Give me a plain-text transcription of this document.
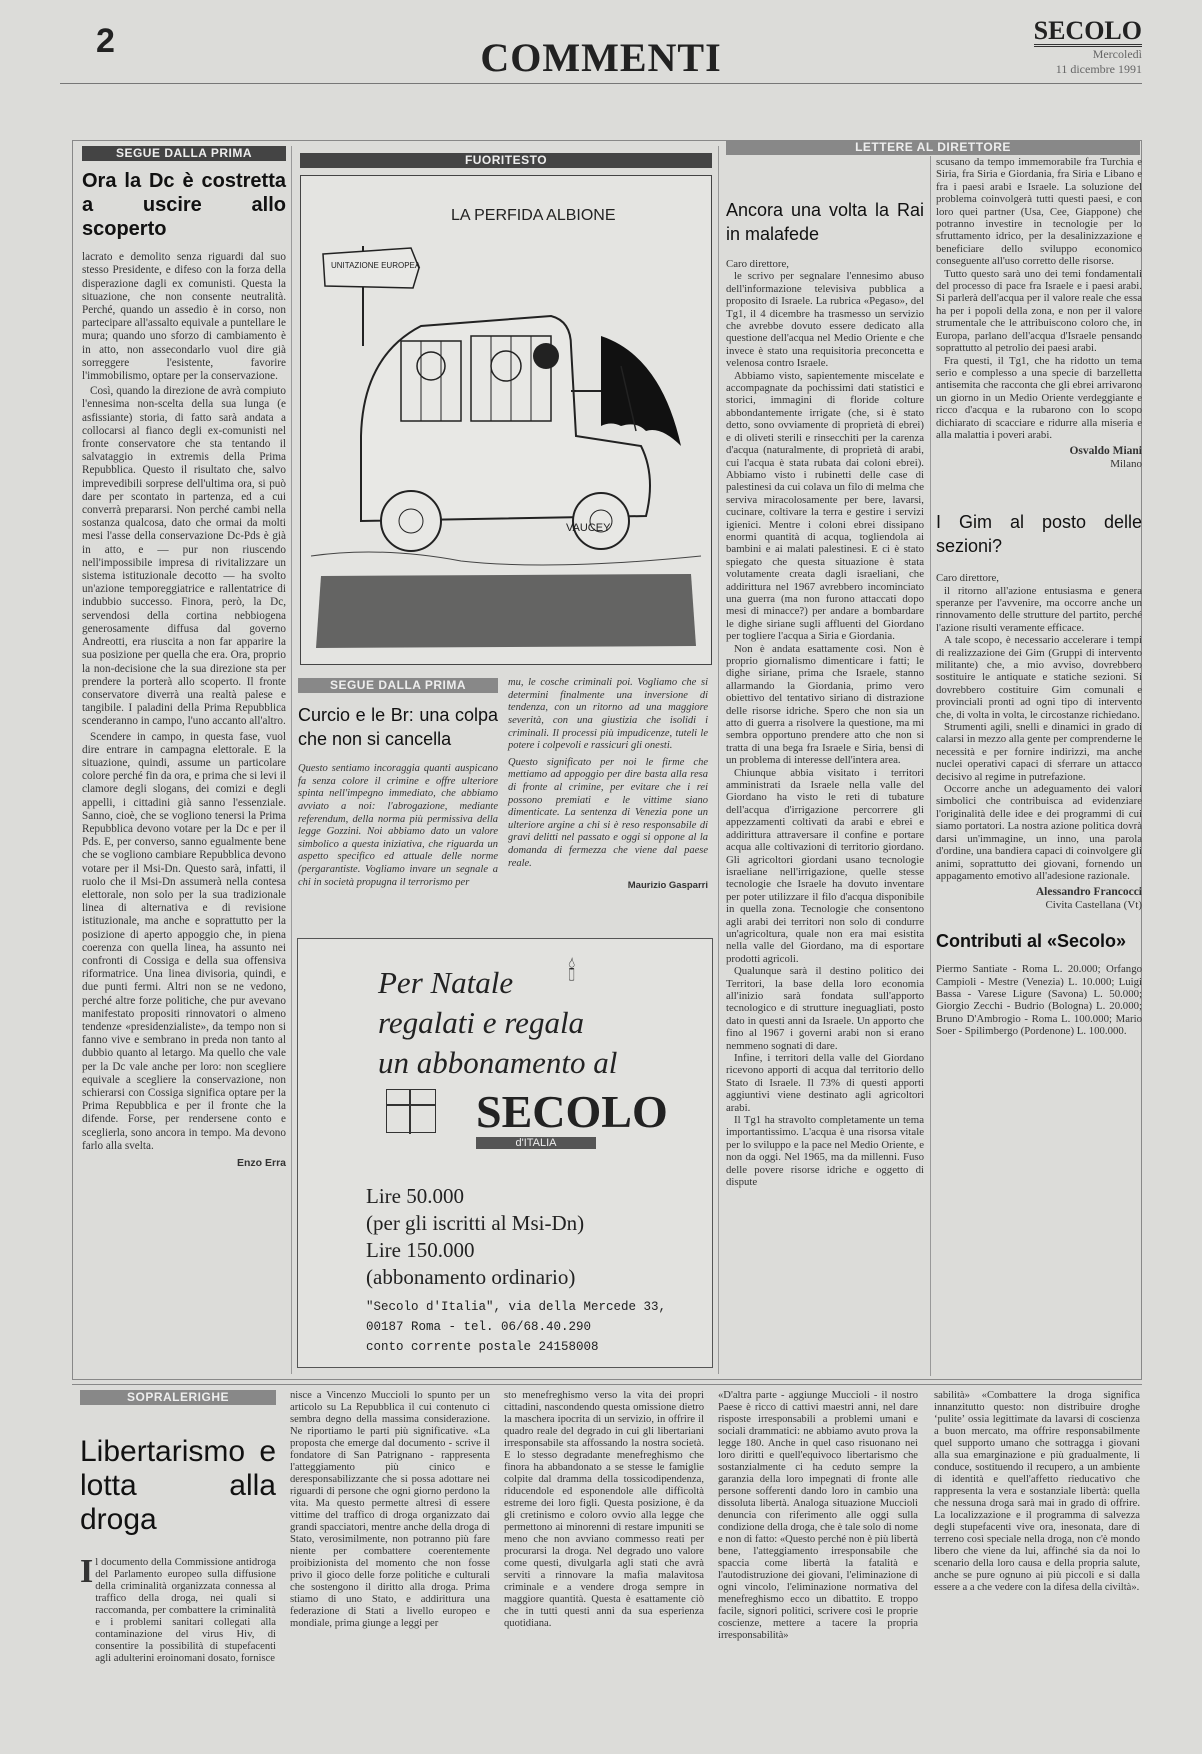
2	COMMENTI
SECOLO
Mercoledì
11 dicembre 1991
SEGUE DALLA PRIMA
Ora la Dc è costretta a uscire allo scoperto

lacrato e demolito senza riguardi dal suo stesso Presidente, e difeso con la forza della disperazione dagli ex comunisti. Questa la situazione, che non consente neutralità. Perché, quando un assedio è in corso, non partecipare all'assalto equivale a puntellare le mura; quando uno sforzo di cambiamento è in atto, non assecondarlo vuol dire già sorreggere l'esistente, favorire l'immobilismo, optare per la conservazione.

Così, quando la direzione de avrà compiuto l'ennesima non-scelta della sua lunga (e asfissiante) storia, di fatto sarà andata a collocarsi al fianco degli ex-comunisti nel fronte conservatore che sta tentando il salvataggio in extremis della Prima Repubblica. Questo il risultato che, salvo imprevedibili sorprese dell'ultima ora, si può dare per scontato in partenza, ed a cui converrà prepararsi. Non perché cambi nella sostanza qualcosa, dato che ormai da molti mesi l'asse della conservazione Dc-Pds è già in atto, e — pur non riuscendo nell'impossibile impresa di rivitalizzare un sistema istituzionale decotto — ha svolto un'azione temporeggiatrice e rallentatrice di indubbio successo. Finora, però, la Dc, servendosi della cortina nebbiogena generosamente diffusa dal governo Andreotti, era riuscita a non far apparire la sua posizione per quella che era. Ora, proprio la non-decisione che la sua direzione sta per prendere la porterà allo scoperto. Il fronte conservatore diverrà una realtà palese e tangibile. I paladini della Prima Repubblica scenderanno in campo, l'uno accanto all'altro.

Scendere in campo, in questa fase, vuol dire entrare in campagna elettorale. E la situazione, quindi, assume un particolare colore perché fin da ora, e prima che si levi il clamore degli slogans, dei comizi e degli appelli, i cittadini già sanno l'essenziale. Sanno, cioè, che se vogliono tenersi la Prima Repubblica devono votare per la Dc e per il Pds. E, per converso, sanno egualmente bene che se vogliono cambiare Repubblica devono votare per il Msi-Dn. Questo sarà, infatti, il ruolo che il Msi-Dn assumerà nella contesa elettorale, non solo per la sua tradizionale linea di alternativa e di revisione istituzionale, ma anche e soprattutto per la posizione di aperto appoggio che, in piena coerenza con quella linea, ha assunto nei confronti di Cossiga e della sua offensiva riformatrice. Una linea divisoria, quindi, e due punti fermi. Altri non se ne vedono, perché altre forze politiche, che pur avevano manifestato propositi rinnovatori o almeno tendenze «presidenzialiste», da tempo non si fanno vive e sembrano in preda non tanto al dubbio quanto al letargo. Ma quello che vale per la Dc vale anche per loro: non scegliere equivale a scegliere la conservazione, non schierarsi con Cossiga significa optare per la Prima Repubblica e per il fronte che la difende. Forse, per rendersene conto e sceglierla, sono ancora in tempo. Ma devono farlo alla svelta.

Enzo Erra
FUORITESTO
LA PERFIDA ALBIONE
UNITAZIONE EUROPEA
VAUCEY
SEGUE DALLA PRIMA
Curcio e le Br: una colpa che non si cancella

Questo sentiamo incoraggia quanti auspicano fa senza colore il crimine e offre ulteriore spinta nell'impegno immediato, che abbiamo avviato a noi: l'abrogazione, mediante referendum, della norma più permissiva della legge Gozzini. Noi abbiamo dato un valore simbolico a questa iniziativa, che riguarda un aspetto specifico ed attuale delle norme (pergarantiste. Vogliamo invare un segnale a chi in società propugna il terrorismo per

mu, le cosche criminali poi. Vogliamo che si determini finalmente una inversione di tendenza, con un ritorno ad una maggiore severità, con una giustizia che isolidi i criminali. Il processi più impudicenze, tuteli le potere i colpevoli e rassicuri gli onesti.

Questo significato per noi le firme che mettiamo ad appoggio per dire basta alla resa di fronte al crimine, per evitare che i rei possono premiati e le vittime siano dimenticate. La sentenza di Venezia pone un ulteriore argine a chi si è reso responsabile di gravi delitti nel passato e oggi si oppone al la domanda di fermezza che viene dal paese reale.

Maurizio Gasparri
Per Natale
regalati e regala
un abbonamento al
🕯
SECOLO
d'ITALIA
Lire 50.000
(per gli iscritti al Msi-Dn)
Lire 150.000
(abbonamento ordinario)
"Secolo d'Italia", via della Mercede 33,
00187 Roma - tel. 06/68.40.290
conto corrente postale 24158008
LETTERE AL DIRETTORE
Ancora una volta la Rai in malafede

Caro direttore,

le scrivo per segnalare l'ennesimo abuso dell'informazione televisiva pubblica a proposito di Israele. La rubrica «Pegaso», del Tg1, il 4 dicembre ha trasmesso un servizio che avrebbe dovuto essere dedicato alla questione dell'acqua nel Medio Oriente e che invece è stato una requisitoria preconcetta e velenosa contro Israele.

Abbiamo visto, sapientemente miscelate e accompagnate da pochissimi dati statistici e storici, immagini di floride colture abbondantemente irrigate (che, si è stato detto, sono ovviamente di proprietà di ebrei) e di oliveti sterili e rinsecchiti per la carenza d'acqua (naturalmente, di proprietà di arabi, cui l'acqua è stata rubata dai coloni ebrei). Abbiamo visto i rubinetti delle case di palestinesi da cui colava un filo di melma che serviva miracolosamente per bere, lavarsi, cucinare, coltivare la terra e gestire i servizi igienici. Mentre i coloni ebrei dissipano enormi quantità di acqua, togliendola ai bambini e ai malati palestinesi. E ci è stato spiegato che questa situazione è stata volutamente creata dagli israeliani, che addirittura nel 1967 avrebbero incominciato una guerra (ma non furono attaccati dopo mesi di minacce?) per andare a bombardare le dighe siriane sugli affluenti del Giordano per togliere l'acqua a Siria e Giordania.

Non è andata esattamente così. Non è proprio giornalismo dimenticare i fatti; le dighe siriane, prima che Israele, stanno allarmando la Giordania, primo vero obiettivo del tentativo siriano di distrazione delle risorse idriche. Spero che non sia un atto di guerra a risolvere la questione, ma mi sembra opportuno prendere atto che non si tratta di una bega fra Israele e Siria, bensì di un problema di interesse dell'intera area.

Chiunque abbia visitato i territori amministrati da Israele nella valle del Giordano ha visto le reti di tubature dell'acqua d'irrigazione percorrere gli appezzamenti coltivati da arabi e ebrei e addirittura attraversare il confine e portare acqua alle coltivazioni di territorio giordano. Gli agricoltori giordani usano tecnologie israeliane nell'irrigazione, quelle stesse tecnologie che Israele ha dovuto inventare per poter utilizzare il filo d'acqua disponibile in quella zona. Tecnologie che consentono agli arabi dei territori non solo di condurre un'agricoltura, quale non era mai esistita nella valle del Giordano, ma di esportare prodotti agricoli.

Qualunque sarà il destino politico dei Territori, la base della loro economia all'inizio sarà fondata sull'apporto tecnologico e di strutture ineguagliati, posto dato in questi anni da Israele. Un apporto che fino al 1967 i governi arabi non si erano nemmeno sognati di dare.

Infine, i territori della valle del Giordano ricevono apporti di acqua dal territorio dello Stato di Israele. Il 73% di questi apporti aggiuntivi viene destinato agli agricoltori arabi.

Il Tg1 ha stravolto completamente un tema importantissimo. L'acqua è una risorsa vitale per lo sviluppo e la pace nel Medio Oriente, e non da oggi. Nel 1965, ma da millenni. Fuso delle povere risorse idriche e oggetto di dispute

scusano da tempo immemorabile fra Turchia e Siria, fra Siria e Giordania, fra Siria e Libano e fra i paesi arabi e Israele. La soluzione del problema coinvolgerà tutti questi paesi, e con loro quei partner (Usa, Cee, Giappone) che potranno investire in tecnologie per lo sfruttamento idrico, per la desalinizzazione e beneficiare dello sviluppo economico conseguente all'uso corretto delle risorse.

Tutto questo sarà uno dei temi fondamentali del processo di pace fra Israele e i paesi arabi. Si parlerà dell'acqua per il valore reale che essa ha per i popoli della zona, e non per il valore strumentale che le attribuiscono coloro che, in Europa, parlano dell'acqua d'Israele pensando soprattutto al petrolio dei paesi arabi.

Fra questi, il Tg1, che ha ridotto un tema serio e complesso a una specie di barzelletta antisemita che racconta che gli ebrei arrivarono un giorno in un Medio Oriente verdeggiante e ricco d'acqua e la rubarono con lo scopo dichiarato di scacciare e ridurre alla miseria e alla malattia i poveri arabi.

Osvaldo Miani
Milano
I Gim al posto delle sezioni?

Caro direttore,

il ritorno all'azione entusiasma e genera speranze per l'avvenire, ma occorre anche un rinnovamento delle strutture del partito, perché l'azione risulti veramente efficace.

A tale scopo, è necessario accelerare i tempi di realizzazione dei Gim (Gruppi di intervento militante) che, a mio avviso, dovrebbero sostituire le antiquate e statiche sezioni. Si dovrebbero costituire Gim comunali e provinciali pronti ad ogni tipo di intervento che, di volta in volta, le circostanze richiedano.

Strumenti agili, snelli e dinamici in grado di calarsi in mezzo alla gente per comprenderne le necessità e per fornire indirizzi, ma anche nuclei operativi capaci di sferrare un attacco decisivo al regime in putrefazione.

Occorre anche un adeguamento dei valori simbolici che contribuisca ad evidenziare l'originalità delle idee e dei programmi di cui siamo portatori. La nostra azione politica dovrà darsi un'immagine, un inno, una parola d'ordine, una bandiera capaci di coinvolgere gli animi, soprattutto dei giovani, fornendo un appagamento emotivo all'adesione razionale.

Alessandro Francocci
Civita Castellana (Vt)
Contributi al «Secolo»

Piermo Santiate - Roma L. 20.000; Orfango Campioli - Mestre (Venezia) L. 10.000; Luigi Bassa - Varese Ligure (Savona) L. 50.000; Giorgio Zecchi - Budrio (Bologna) L. 20.000; Bruno D'Ambrogio - Roma L. 100.000; Mario Soer - Spilimbergo (Pordenone) L. 100.000.

SOPRALERIGHE
Libertarismo e lotta alla droga
I l documento della Commissione antidroga del Parlamento europeo sulla diffusione della criminalità organizzata connessa al traffico della droga, nei quali si raccomanda, per combattere la criminalità e i problemi sanitari collegati alla contaminazione del virus Hiv, di consentire la possibilità di stupefacenti agli adulterini eroinomani dosato, fornisce

nisce a Vincenzo Muccioli lo spunto per un articolo su La Repubblica il cui contenuto ci sembra degno della massima considerazione. Ne riportiamo le parti più significative. «La proposta che emerge dal documento - scrive il fondatore di San Patrignano - rappresenta l'atteggiamento più cinico e deresponsabilizzante che si possa adottare nei riguardi di persone che ogni giorno perdono la vita. Ma questo permette altresì di essere vittime del traffico di droga organizzato dai grandi spacciatori, mentre anche della droga di Stato, verosimilmente, non potranno più fare niente per combattere coerentemente proibizionista del momento che non fosse privo il gioco delle forze politiche e culturali che sostengono il diritto alla droga. Prima stiamo di uno Stato, e addirittura una federazione di Stati a livello europeo e mondiale, prima giunge a leggi per

sto menefreghismo verso la vita dei propri cittadini, nascondendo questa omissione dietro la maschera ipocrita di un servizio, in offrire il quadro reale del degrado in cui gli libertariani irresponsabile sta affossando la nostra società. E lo stesso degradante menefreghismo che finora ha abbandonato a se stesse le famiglie colpite dal dramma della tossicodipendenza, riducendole ed esponendole alle difficoltà estreme dei loro figli. Questa posizione, è da gli cretinismo e coloro ovvio alla legge che permettono ai minorenni di restare impuniti se meno che non avviano commesso reati per procurarsi la droga. Nel degrado uno valore come questi, divulgarla agli stati che avrà serviti a rinnovare la mafia malavitosa criminale e a vendere droga sempre in maggiore quantità. Questa è esattamente ciò che in tutti questi anni da sua esperienza quotidiana.

«D'altra parte - aggiunge Muccioli - il nostro Paese è ricco di cattivi maestri anni, nel dare risposte irresponsabili a problemi umani e sociali drammatici: ne abbiamo avuto prova la legge 180. Anche in quel caso risuonano nei loro diritti e quell'equivoco libertarismo che sostanzialmente ci ha ceduto sempre la garanzia della loro impegnati di fronte alle persone sofferenti dando loro in cambio una dissoluta libertà. Analoga situazione Muccioli denuncia con riferimento alle oggi sulla condizione della droga, che è tale solo di nome e non di fatto: «Questo perché non è più libertà bene, l'atteggiamento irresponsabile che spaccia come libertà la fatalità e l'autodistruzione dei giovani, l'eliminazione di ogni vincolo, l'eliminazione normativa del menefreghismo ecco un dibattito. E troppo facile, signori politici, scrivere così le proprie coscienze, mettere a tacere la propria irresponsabilità»

sabilità» «Combattere la droga significa innanzitutto questo: non distribuire droghe ‘pulite’ ossia legittimate da lavarsi di coscienza a buon mercato, ma offrire responsabilmente quel supporto umano che sottragga i giovani alla sua emarginazione e più gradualmente, li conduce, sostituendo il recupero, a un ambiente di identità e quell'affetto rieducativo che rappresenta la vera e sostanziale libertà: quella che nessuna droga sarà mai in grado di offrire. La localizzazione e il programma di salvezza degli stupefacenti vive ora, inesonata, dare di terreno così speciale nella droga, non c'è mondo libero che viene da lui, affinché sia da noi lo scenario della loro causa e della propria salute, anche se pure ognuno ai più piccoli e si dalla essere a a che vedere con la difesa della civiltà».
